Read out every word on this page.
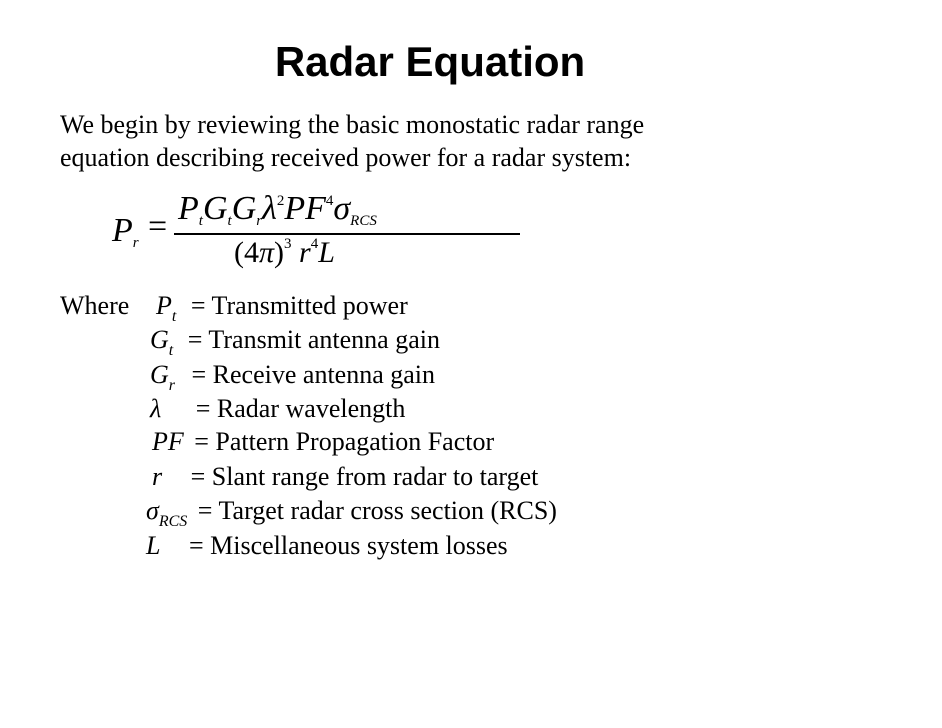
Radar Equation
We begin by reviewing the basic monostatic radar range
equation describing received power for a radar system:
$Pr = PtGtGr\lambda^2PF^4\sigma RCS$
$(4\pi)^3$ $r^4L$
Where $P_t$ = Transmitted power
$G_t$ = Transmit antenna gain
$G_r$ = Receive antenna gain
λ = Radar wavelength
PF = Pattern Propagation Factor
r = Slant range from radar to target
$\sigma_{RCS}$ = Target radar cross section (RCS)
L = Miscellaneous system losses
